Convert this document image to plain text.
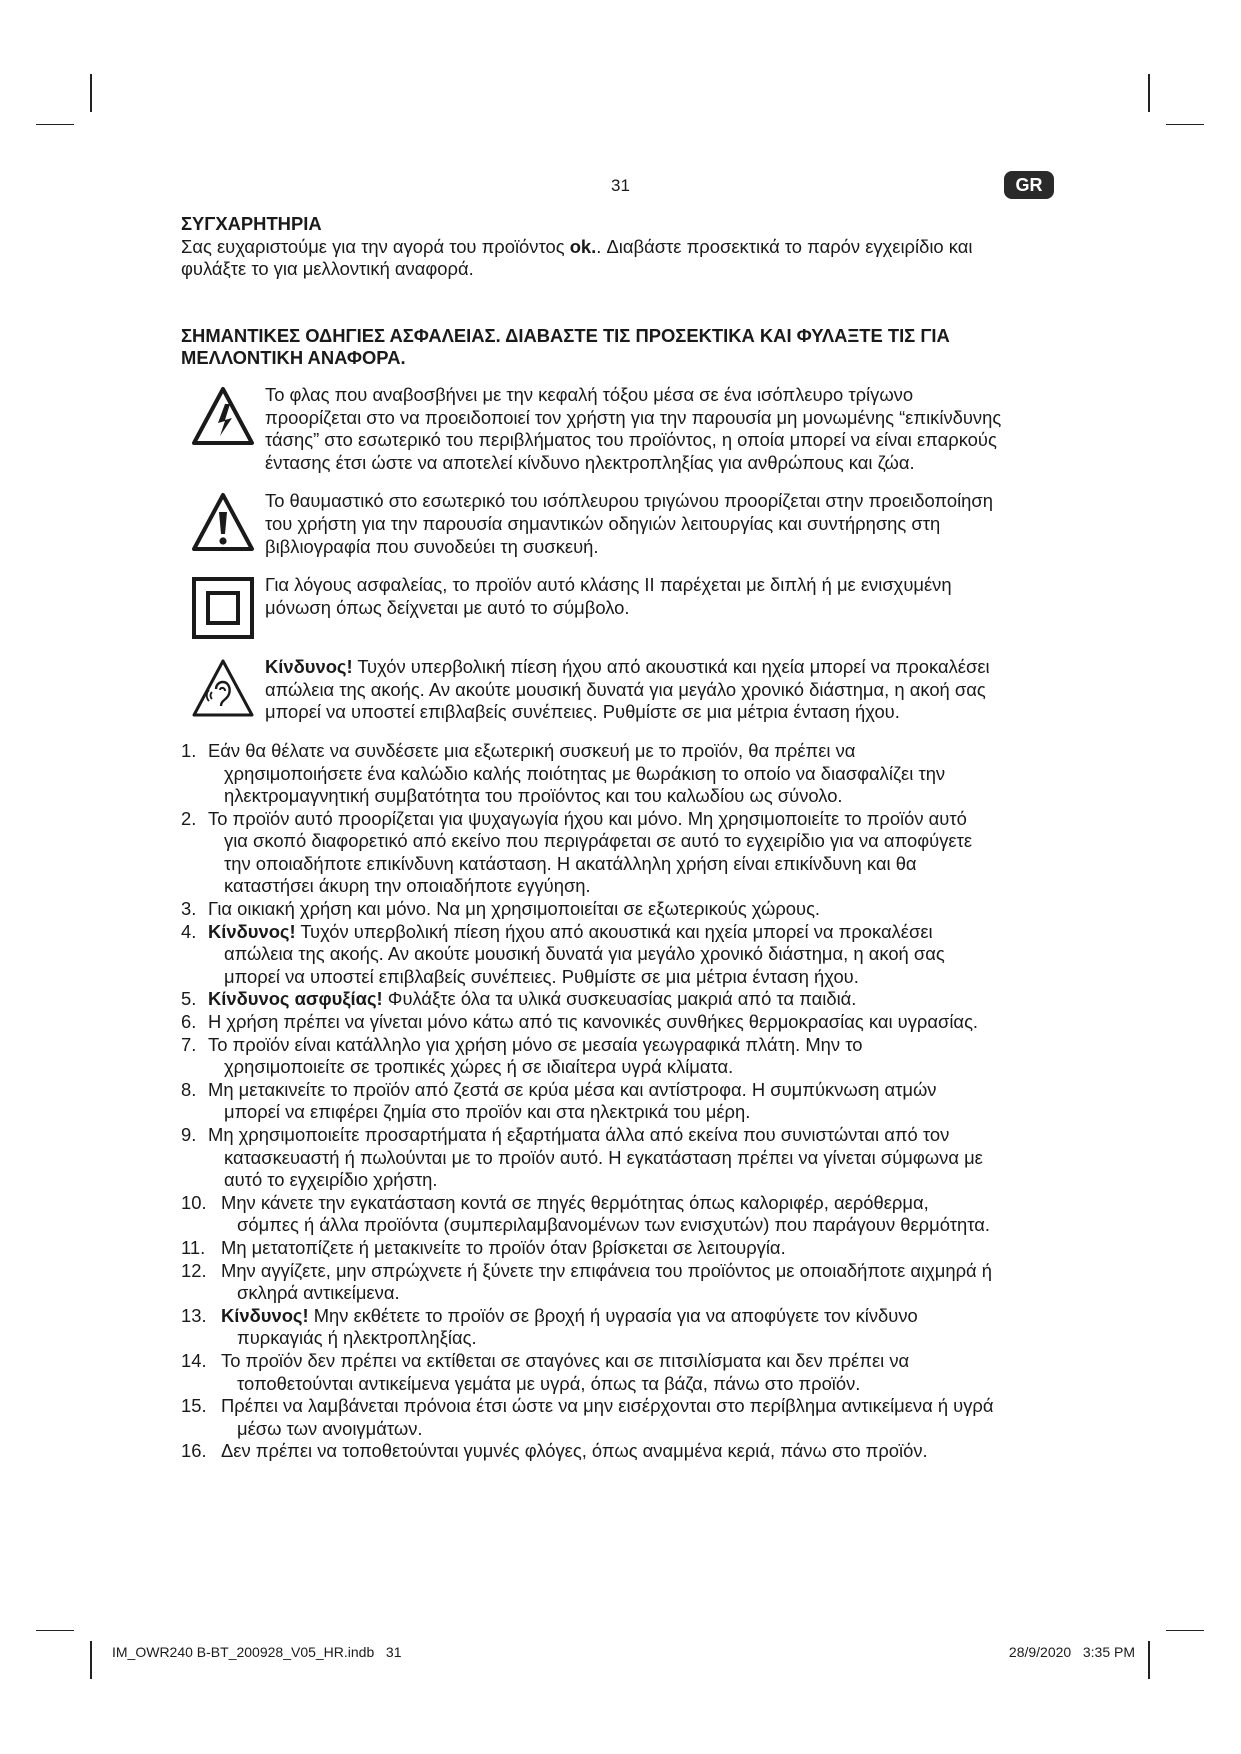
31	GR
ΣΥΓΧΑΡΗΤΗΡΙΑ
Σας ευχαριστούμε για την αγορά του προϊόντος ok.. Διαβάστε προσεκτικά το παρόν εγχειρίδιο και
φυλάξτε το για μελλοντική αναφορά.
ΣΗΜΑΝΤΙΚΕΣ ΟΔΗΓΙΕΣ ΑΣΦΑΛΕΙΑΣ. ΔΙΑΒΑΣΤΕ ΤΙΣ ΠΡΟΣΕΚΤΙΚΑ ΚΑΙ ΦΥΛΑΞΤΕ ΤΙΣ ΓΙΑ
ΜΕΛΛΟΝΤΙΚΗ ΑΝΑΦΟΡΑ.
Το φλας που αναβοσβήνει με την κεφαλή τόξου μέσα σε ένα ισόπλευρο τρίγωνο
προορίζεται στο να προειδοποιεί τον χρήστη για την παρουσία μη μονωμένης “επικίνδυνης
τάσης” στο εσωτερικό του περιβλήματος του προϊόντος, η οποία μπορεί να είναι επαρκούς
έντασης έτσι ώστε να αποτελεί κίνδυνο ηλεκτροπληξίας για ανθρώπους και ζώα.
Το θαυμαστικό στο εσωτερικό του ισόπλευρου τριγώνου προορίζεται στην προειδοποίηση
του χρήστη για την παρουσία σημαντικών οδηγιών λειτουργίας και συντήρησης στη
βιβλιογραφία που συνοδεύει τη συσκευή.
Για λόγους ασφαλείας, το προϊόν αυτό κλάσης II παρέχεται με διπλή ή με ενισχυμένη
μόνωση όπως δείχνεται με αυτό το σύμβολο.
Κίνδυνος! Τυχόν υπερβολική πίεση ήχου από ακουστικά και ηχεία μπορεί να προκαλέσει
απώλεια της ακοής. Αν ακούτε μουσική δυνατά για μεγάλο χρονικό διάστημα, η ακοή σας
μπορεί να υποστεί επιβλαβείς συνέπειες. Ρυθμίστε σε μια μέτρια ένταση ήχου.
1. Εάν θα θέλατε να συνδέσετε μια εξωτερική συσκευή με το προϊόν, θα πρέπει να
χρησιμοποιήσετε ένα καλώδιο καλής ποιότητας με θωράκιση το οποίο να διασφαλίζει την
ηλεκτρομαγνητική συμβατότητα του προϊόντος και του καλωδίου ως σύνολο.
2. Το προϊόν αυτό προορίζεται για ψυχαγωγία ήχου και μόνο. Μη χρησιμοποιείτε το προϊόν αυτό
για σκοπό διαφορετικό από εκείνο που περιγράφεται σε αυτό το εγχειρίδιο για να αποφύγετε
την οποιαδήποτε επικίνδυνη κατάσταση. Η ακατάλληλη χρήση είναι επικίνδυνη και θα
καταστήσει άκυρη την οποιαδήποτε εγγύηση.
3. Για οικιακή χρήση και μόνο. Να μη χρησιμοποιείται σε εξωτερικούς χώρους.
4. Κίνδυνος! Τυχόν υπερβολική πίεση ήχου από ακουστικά και ηχεία μπορεί να προκαλέσει
απώλεια της ακοής. Αν ακούτε μουσική δυνατά για μεγάλο χρονικό διάστημα, η ακοή σας
μπορεί να υποστεί επιβλαβείς συνέπειες. Ρυθμίστε σε μια μέτρια ένταση ήχου.
5. Κίνδυνος ασφυξίας! Φυλάξτε όλα τα υλικά συσκευασίας μακριά από τα παιδιά.
6. Η χρήση πρέπει να γίνεται μόνο κάτω από τις κανονικές συνθήκες θερμοκρασίας και υγρασίας.
7. Το προϊόν είναι κατάλληλο για χρήση μόνο σε μεσαία γεωγραφικά πλάτη. Μην το
χρησιμοποιείτε σε τροπικές χώρες ή σε ιδιαίτερα υγρά κλίματα.
8. Μη μετακινείτε το προϊόν από ζεστά σε κρύα μέσα και αντίστροφα. Η συμπύκνωση ατμών
μπορεί να επιφέρει ζημία στο προϊόν και στα ηλεκτρικά του μέρη.
9. Μη χρησιμοποιείτε προσαρτήματα ή εξαρτήματα άλλα από εκείνα που συνιστώνται από τον
κατασκευαστή ή πωλούνται με το προϊόν αυτό. Η εγκατάσταση πρέπει να γίνεται σύμφωνα με
αυτό το εγχειρίδιο χρήστη.
10. Μην κάνετε την εγκατάσταση κοντά σε πηγές θερμότητας όπως καλοριφέρ, αερόθερμα,
σόμπες ή άλλα προϊόντα (συμπεριλαμβανομένων των ενισχυτών) που παράγουν θερμότητα.
11. Μη μετατοπίζετε ή μετακινείτε το προϊόν όταν βρίσκεται σε λειτουργία.
12. Μην αγγίζετε, μην σπρώχνετε ή ξύνετε την επιφάνεια του προϊόντος με οποιαδήποτε αιχμηρά ή
σκληρά αντικείμενα.
13. Κίνδυνος! Μην εκθέτετε το προϊόν σε βροχή ή υγρασία για να αποφύγετε τον κίνδυνο
πυρκαγιάς ή ηλεκτροπληξίας.
14. Το προϊόν δεν πρέπει να εκτίθεται σε σταγόνες και σε πιτσιλίσματα και δεν πρέπει να
τοποθετούνται αντικείμενα γεμάτα με υγρά, όπως τα βάζα, πάνω στο προϊόν.
15. Πρέπει να λαμβάνεται πρόνοια έτσι ώστε να μην εισέρχονται στο περίβλημα αντικείμενα ή υγρά
μέσω των ανοιγμάτων.
16. Δεν πρέπει να τοποθετούνται γυμνές φλόγες, όπως αναμμένα κεριά, πάνω στο προϊόν.
IM_OWR240 B-BT_200928_V05_HR.indb   31	28/9/2020   3:35 PM
